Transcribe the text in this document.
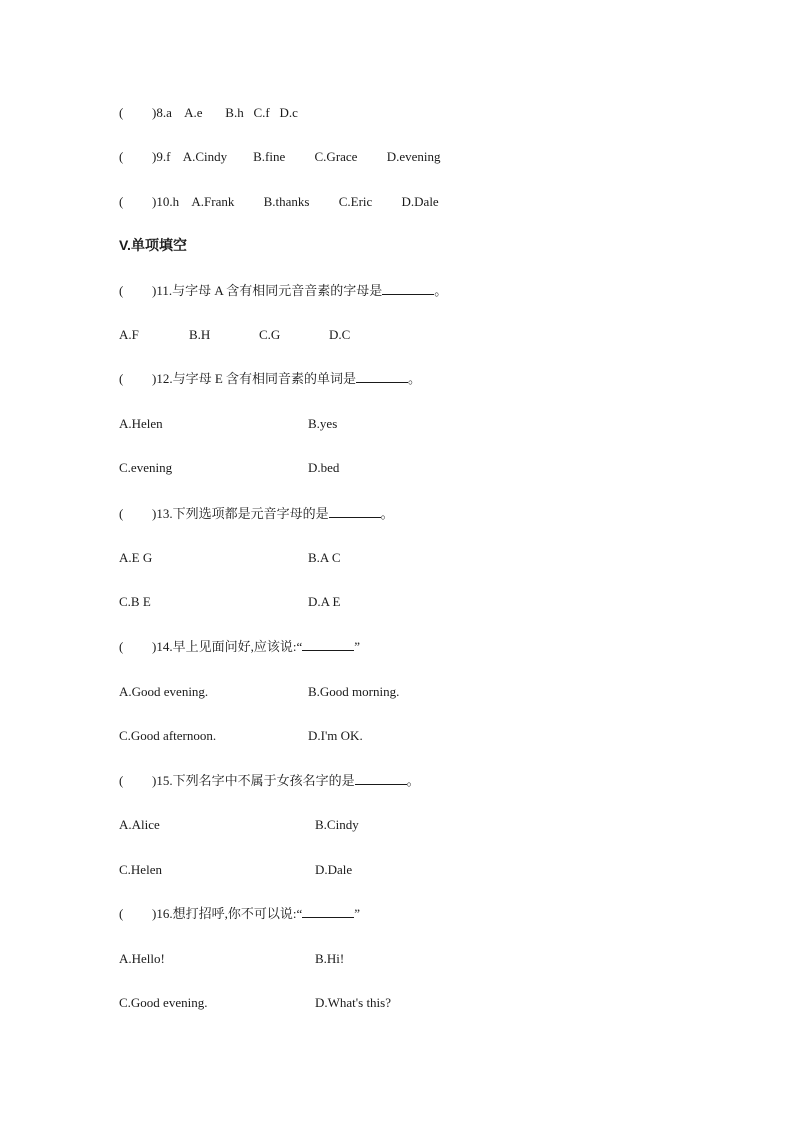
( )8.a    A.e       B.h   C.f   D.c
( )9.f    A.Cindy        B.fine         C.Grace         D.evening
( )10.h    A.Frank         B.thanks         C.Eric         D.Dale
V.单项填空
( )11.与字母 A 含有相同元音音素的字母是	。
A.F	B.H	C.G	D.C
( )12.与字母 E 含有相同音素的单词是	。
A.Helen	B.yes
C.evening	D.bed
( )13.下列选项都是元音字母的是	。
A.E G	B.A C
C.B E	D.A E
( )14.早上见面问好,应该说:“	”
A.Good evening.	B.Good morning.
C.Good afternoon.	D.I'm OK.
( )15.下列名字中不属于女孩名字的是	。
A.Alice	B.Cindy
C.Helen	D.Dale
( )16.想打招呼,你不可以说:“	”
A.Hello!	B.Hi!
C.Good evening.	D.What's this?
